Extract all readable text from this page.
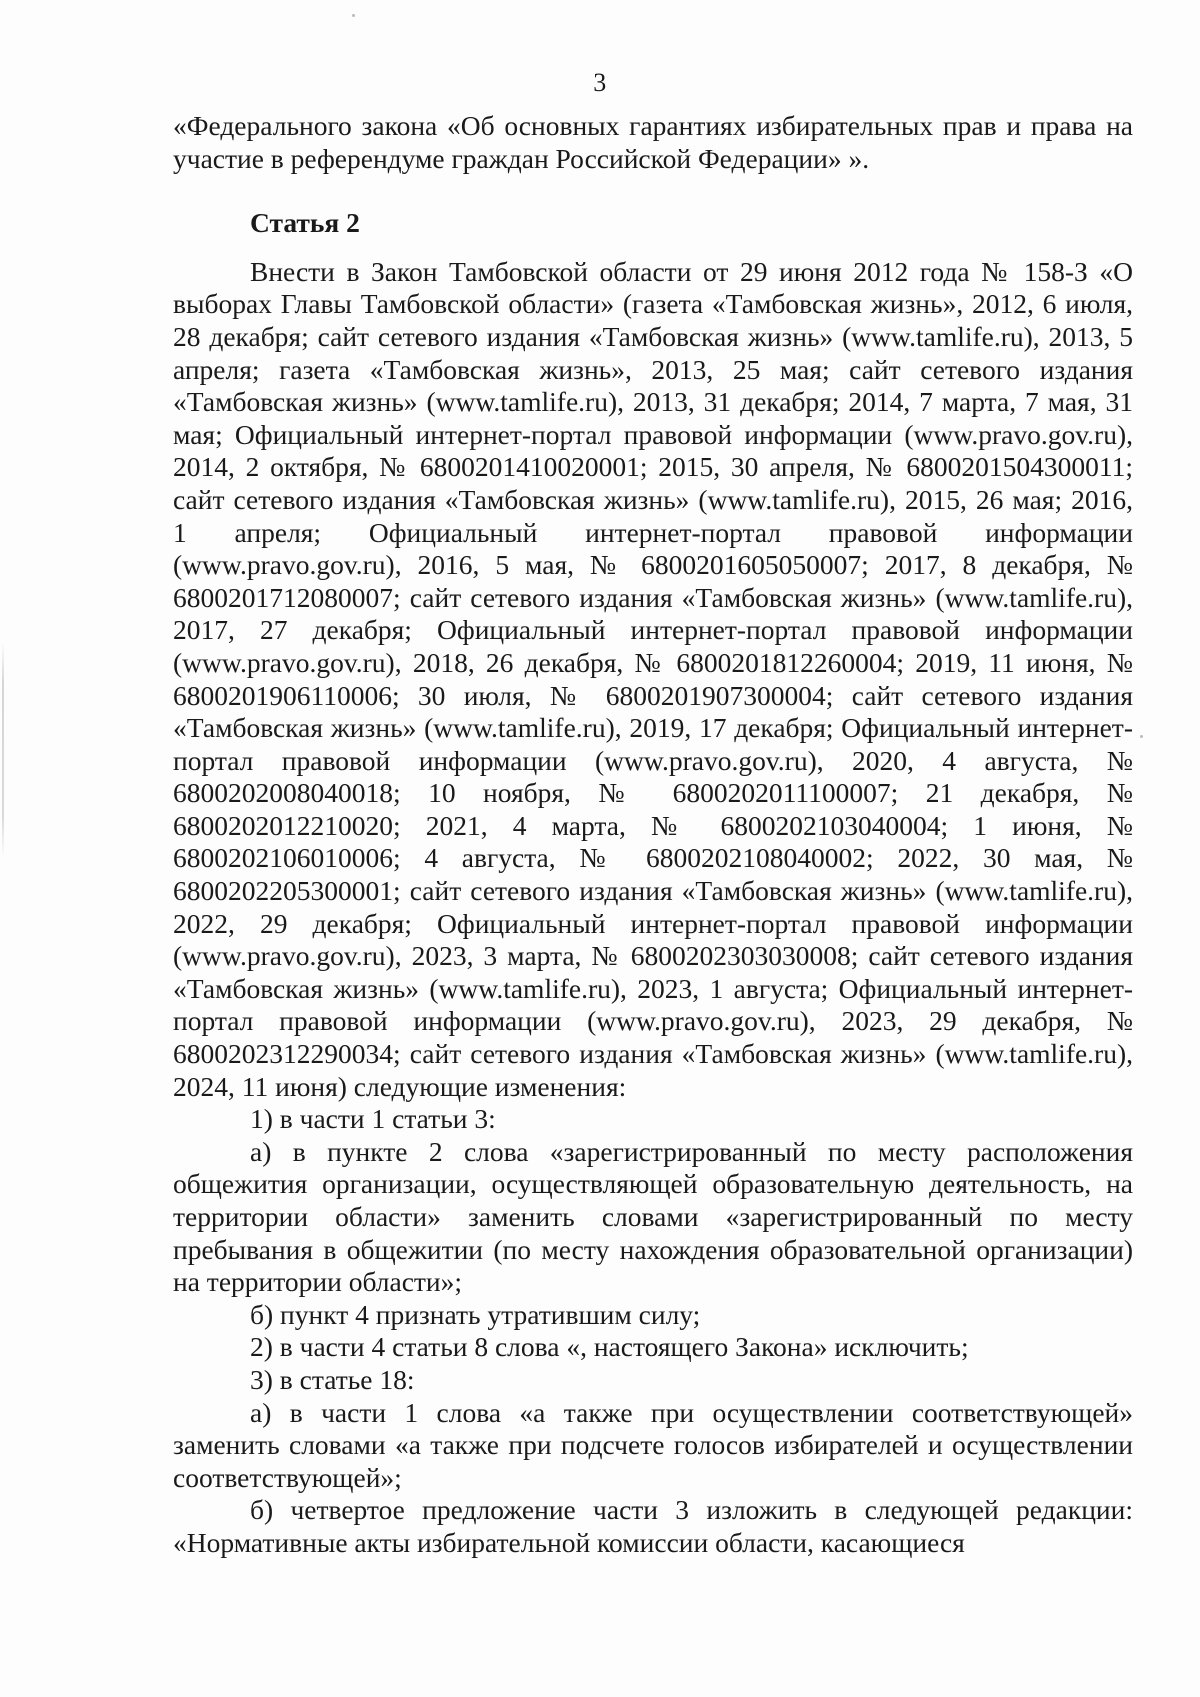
3

«Федерального закона «Об основных гарантиях избирательных прав и права на участие в референдуме граждан Российской Федерации» ».

Статья 2

Внести в Закон Тамбовской области от 29 июня 2012 года № 158-З «О выборах Главы Тамбовской области» (газета «Тамбовская жизнь», 2012, 6 июля, 28 декабря; сайт сетевого издания «Тамбовская жизнь» (www.tamlife.ru), 2013, 5 апреля; газета «Тамбовская жизнь», 2013, 25 мая; сайт сетевого издания «Тамбовская жизнь» (www.tamlife.ru), 2013, 31 декабря; 2014, 7 марта, 7 мая, 31 мая; Официальный интернет-портал правовой информации (www.pravo.gov.ru), 2014, 2 октября, № 6800201410020001; 2015, 30 апреля, № 6800201504300011; сайт сетевого издания «Тамбовская жизнь» (www.tamlife.ru), 2015, 26 мая; 2016, 1 апреля; Официальный интернет-портал правовой информации (www.pravo.gov.ru), 2016, 5 мая, № 6800201605050007; 2017, 8 декабря, № 6800201712080007; сайт сетевого издания «Тамбовская жизнь» (www.tamlife.ru), 2017, 27 декабря; Официальный интернет-портал правовой информации (www.pravo.gov.ru), 2018, 26 декабря, № 6800201812260004; 2019, 11 июня, № 6800201906110006; 30 июля, № 6800201907300004; сайт сетевого издания «Тамбовская жизнь» (www.tamlife.ru), 2019, 17 декабря; Официальный интернет-портал правовой информации (www.pravo.gov.ru), 2020, 4 августа, № 6800202008040018; 10 ноября, № 6800202011100007; 21 декабря, № 6800202012210020; 2021, 4 марта, № 6800202103040004; 1 июня, № 6800202106010006; 4 августа, № 6800202108040002; 2022, 30 мая, № 6800202205300001; сайт сетевого издания «Тамбовская жизнь» (www.tamlife.ru), 2022, 29 декабря; Официальный интернет-портал правовой информации (www.pravo.gov.ru), 2023, 3 марта, № 6800202303030008; сайт сетевого издания «Тамбовская жизнь» (www.tamlife.ru), 2023, 1 августа; Официальный интернет-портал правовой информации (www.pravo.gov.ru), 2023, 29 декабря, № 6800202312290034; сайт сетевого издания «Тамбовская жизнь» (www.tamlife.ru), 2024, 11 июня) следующие изменения:

1) в части 1 статьи 3:

а) в пункте 2 слова «зарегистрированный по месту расположения общежития организации, осуществляющей образовательную деятельность, на территории области» заменить словами «зарегистрированный по месту пребывания в общежитии (по месту нахождения образовательной организации) на территории области»;

б) пункт 4 признать утратившим силу;

2) в части 4 статьи 8 слова «, настоящего Закона» исключить;

3) в статье 18:

а) в части 1 слова «а также при осуществлении соответствующей» заменить словами «а также при подсчете голосов избирателей и осуществлении соответствующей»;

б) четвертое предложение части 3 изложить в следующей редакции: «Нормативные акты избирательной комиссии области, касающиеся
